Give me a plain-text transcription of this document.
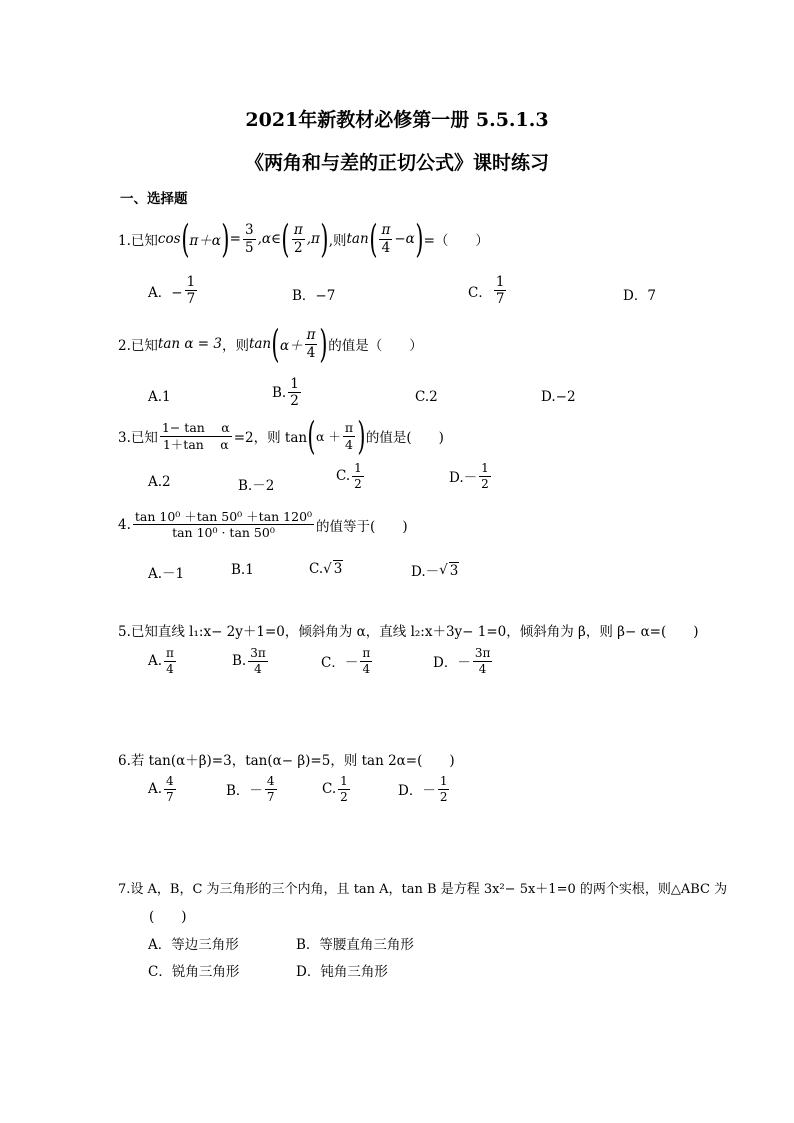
2021年新教材必修第一册 5.5.1.3
《两角和与差的正切公式》课时练习
一、选择题
1.已知 cos ( π＋α ) = $\frac{3}{5}$ ,α∈ ( $\frac{\pi}{2} ,\pi$ ) ,则 tan ( $\frac{\pi}{4} -\alpha$ ) =（　　）
A．− $\frac{1}{7}$	B．−7	C． $\frac{1}{7}$	D．7
2.已知 tan α = 3 ，则 tan ( $\alpha+ \frac{\pi}{4}$ ) 的值是（　　）
A.1	B. $\frac{1}{2}$	C.2	D.−2
3.已知 $\frac{\text{1− tan　 α}}{\text{1＋tan　 α}} =2$，则 tan ( $\alpha + \frac{\pi}{4}$ ) 的值是(　　)
A.2	B.－2
C. $\frac{1}{2}$	$D.- \frac{1}{2}$
4. $\frac{\text{tan 10⁰ ＋tan 50⁰ ＋tan 120⁰}}{\text{tan 10⁰ · tan 50⁰}}$ 的值等于(　　)
A.－1	B.1	C. √ 3	D.－ √ 3
5.已知直线 l₁:x− 2y＋1=0，倾斜角为 α，直线 l₂:x＋3y− 1=0，倾斜角为 β，则 β− α=(　　)
A. $\frac{\pi}{4}$	B. $\frac{3\pi}{4}$	C．－ $\frac{\pi}{4}$	D．－ $\frac{3\pi}{4}$
6.若 tan(α＋β)=3，tan(α− β)=5，则 tan 2α=(　　)
A. $\frac{4}{7}$	B．－ $\frac{4}{7}$	C. $\frac{1}{2}$	D．－ $\frac{1}{2}$
7.设 A，B，C 为三角形的三个内角，且 tan A，tan B 是方程 3x²− 5x＋1=0 的两个实根，则△ABC 为
(　　)
A．等边三角形	B．等腰直角三角形
C．锐角三角形	D．钝角三角形
